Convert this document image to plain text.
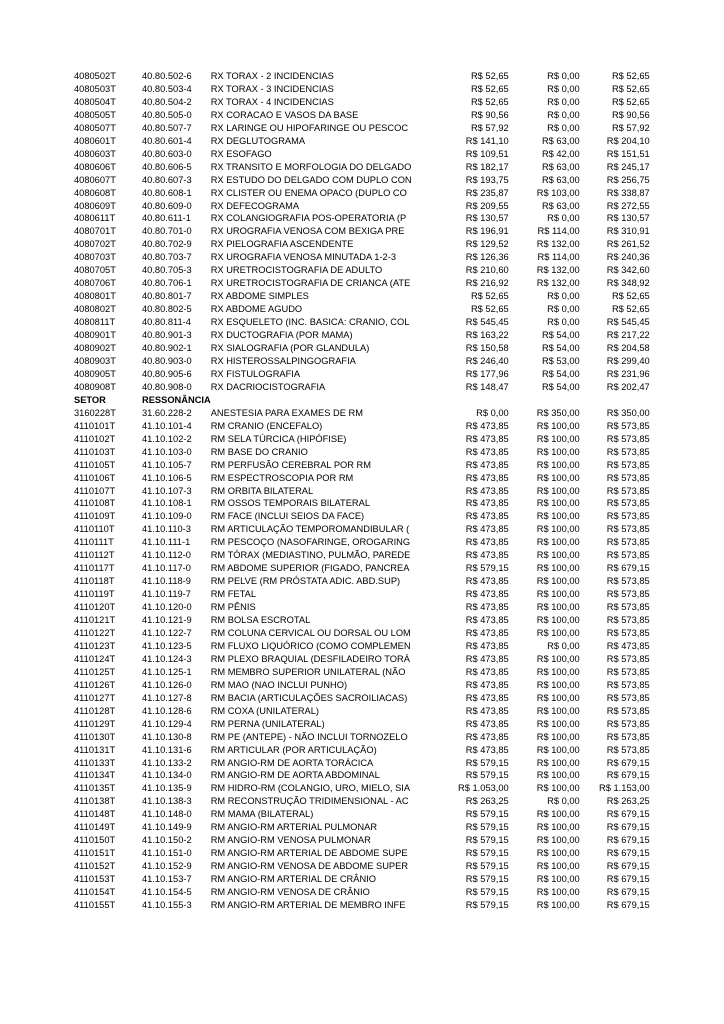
4080502T	40.80.502-6	RX TORAX - 2 INCIDENCIAS	R$ 52,65	R$ 0,00	R$ 52,65
4080503T	40.80.503-4	RX TORAX - 3 INCIDENCIAS	R$ 52,65	R$ 0,00	R$ 52,65
4080504T	40.80.504-2	RX TORAX - 4 INCIDENCIAS	R$ 52,65	R$ 0,00	R$ 52,65
4080505T	40.80.505-0	RX CORACAO E VASOS DA BASE	R$ 90,56	R$ 0,00	R$ 90,56
4080507T	40.80.507-7	RX LARINGE OU HIPOFARINGE OU PESCOC	R$ 57,92	R$ 0,00	R$ 57,92
4080601T	40.80.601-4	RX DEGLUTOGRAMA	R$ 141,10	R$ 63,00	R$ 204,10
4080603T	40.80.603-0	RX ESOFAGO	R$ 109,51	R$ 42,00	R$ 151,51
4080606T	40.80.606-5	RX TRANSITO E MORFOLOGIA DO DELGADO	R$ 182,17	R$ 63,00	R$ 245,17
4080607T	40.80.607-3	RX ESTUDO DO DELGADO COM DUPLO CON	R$ 193,75	R$ 63,00	R$ 256,75
4080608T	40.80.608-1	RX CLISTER OU ENEMA OPACO (DUPLO CO	R$ 235,87	R$ 103,00	R$ 338,87
4080609T	40.80.609-0	RX DEFECOGRAMA	R$ 209,55	R$ 63,00	R$ 272,55
4080611T	40.80.611-1	RX COLANGIOGRAFIA POS-OPERATORIA (P	R$ 130,57	R$ 0,00	R$ 130,57
4080701T	40.80.701-0	RX UROGRAFIA VENOSA COM BEXIGA PRE	R$ 196,91	R$ 114,00	R$ 310,91
4080702T	40.80.702-9	RX PIELOGRAFIA ASCENDENTE	R$ 129,52	R$ 132,00	R$ 261,52
4080703T	40.80.703-7	RX UROGRAFIA VENOSA MINUTADA 1-2-3	R$ 126,36	R$ 114,00	R$ 240,36
4080705T	40.80.705-3	RX URETROCISTOGRAFIA DE ADULTO	R$ 210,60	R$ 132,00	R$ 342,60
4080706T	40.80.706-1	RX URETROCISTOGRAFIA DE CRIANCA (ATE	R$ 216,92	R$ 132,00	R$ 348,92
4080801T	40.80.801-7	RX ABDOME SIMPLES	R$ 52,65	R$ 0,00	R$ 52,65
4080802T	40.80.802-5	RX ABDOME AGUDO	R$ 52,65	R$ 0,00	R$ 52,65
4080811T	40.80.811-4	RX ESQUELETO (INC. BASICA: CRANIO, COL	R$ 545,45	R$ 0,00	R$ 545,45
4080901T	40.80.901-3	RX DUCTOGRAFIA (POR MAMA)	R$ 163,22	R$ 54,00	R$ 217,22
4080902T	40.80.902-1	RX SIALOGRAFIA (POR GLANDULA)	R$ 150,58	R$ 54,00	R$ 204,58
4080903T	40.80.903-0	RX HISTEROSSALPINGOGRAFIA	R$ 246,40	R$ 53,00	R$ 299,40
4080905T	40.80.905-6	RX FISTULOGRAFIA	R$ 177,96	R$ 54,00	R$ 231,96
4080908T	40.80.908-0	RX DACRIOCISTOGRAFIA	R$ 148,47	R$ 54,00	R$ 202,47
SETOR	RESSONÂNCIA				
3160228T	31.60.228-2	ANESTESIA PARA EXAMES DE RM	R$ 0,00	R$ 350,00	R$ 350,00
4110101T	41.10.101-4	RM CRANIO (ENCEFALO)	R$ 473,85	R$ 100,00	R$ 573,85
4110102T	41.10.102-2	RM SELA TÚRCICA (HIPÓFISE)	R$ 473,85	R$ 100,00	R$ 573,85
4110103T	41.10.103-0	RM BASE DO CRANIO	R$ 473,85	R$ 100,00	R$ 573,85
4110105T	41.10.105-7	RM PERFUSÃO CEREBRAL POR RM	R$ 473,85	R$ 100,00	R$ 573,85
4110106T	41.10.106-5	RM ESPECTROSCOPIA POR RM	R$ 473,85	R$ 100,00	R$ 573,85
4110107T	41.10.107-3	RM ORBITA BILATERAL	R$ 473,85	R$ 100,00	R$ 573,85
4110108T	41.10.108-1	RM OSSOS TEMPORAIS BILATERAL	R$ 473,85	R$ 100,00	R$ 573,85
4110109T	41.10.109-0	RM FACE (INCLUI SEIOS DA FACE)	R$ 473,85	R$ 100,00	R$ 573,85
4110110T	41.10.110-3	RM ARTICULAÇÃO TEMPOROMANDIBULAR (	R$ 473,85	R$ 100,00	R$ 573,85
4110111T	41.10.111-1	RM PESCOÇO (NASOFARINGE, OROGARING	R$ 473,85	R$ 100,00	R$ 573,85
4110112T	41.10.112-0	RM TÓRAX (MEDIASTINO, PULMÃO, PAREDE	R$ 473,85	R$ 100,00	R$ 573,85
4110117T	41.10.117-0	RM ABDOME SUPERIOR (FIGADO, PANCREA	R$ 579,15	R$ 100,00	R$ 679,15
4110118T	41.10.118-9	RM PELVE (RM PRÓSTATA ADIC. ABD.SUP)	R$ 473,85	R$ 100,00	R$ 573,85
4110119T	41.10.119-7	RM FETAL	R$ 473,85	R$ 100,00	R$ 573,85
4110120T	41.10.120-0	RM PÊNIS	R$ 473,85	R$ 100,00	R$ 573,85
4110121T	41.10.121-9	RM BOLSA ESCROTAL	R$ 473,85	R$ 100,00	R$ 573,85
4110122T	41.10.122-7	RM COLUNA CERVICAL OU DORSAL OU LOM	R$ 473,85	R$ 100,00	R$ 573,85
4110123T	41.10.123-5	RM FLUXO LIQUÓRICO (COMO COMPLEMEN	R$ 473,85	R$ 0,00	R$ 473,85
4110124T	41.10.124-3	RM PLEXO BRAQUIAL (DESFILADEIRO TORÁ	R$ 473,85	R$ 100,00	R$ 573,85
4110125T	41.10.125-1	RM MEMBRO SUPERIOR UNILATERAL (NÃO	R$ 473,85	R$ 100,00	R$ 573,85
4110126T	41.10.126-0	RM MAO (NAO INCLUI PUNHO)	R$ 473,85	R$ 100,00	R$ 573,85
4110127T	41.10.127-8	RM BACIA (ARTICULAÇÕES SACROILIACAS)	R$ 473,85	R$ 100,00	R$ 573,85
4110128T	41.10.128-6	RM COXA (UNILATERAL)	R$ 473,85	R$ 100,00	R$ 573,85
4110129T	41.10.129-4	RM PERNA (UNILATERAL)	R$ 473,85	R$ 100,00	R$ 573,85
4110130T	41.10.130-8	RM PE (ANTEPE) - NÃO INCLUI TORNOZELO	R$ 473,85	R$ 100,00	R$ 573,85
4110131T	41.10.131-6	RM ARTICULAR (POR ARTICULAÇÃO)	R$ 473,85	R$ 100,00	R$ 573,85
4110133T	41.10.133-2	RM ANGIO-RM DE AORTA TORÁCICA	R$ 579,15	R$ 100,00	R$ 679,15
4110134T	41.10.134-0	RM ANGIO-RM DE AORTA ABDOMINAL	R$ 579,15	R$ 100,00	R$ 679,15
4110135T	41.10.135-9	RM HIDRO-RM (COLANGIO, URO, MIELO, SIA	R$ 1.053,00	R$ 100,00	R$ 1.153,00
4110138T	41.10.138-3	RM RECONSTRUÇÃO TRIDIMENSIONAL - AC	R$ 263,25	R$ 0,00	R$ 263,25
4110148T	41.10.148-0	RM MAMA (BILATERAL)	R$ 579,15	R$ 100,00	R$ 679,15
4110149T	41.10.149-9	RM ANGIO-RM ARTERIAL PULMONAR	R$ 579,15	R$ 100,00	R$ 679,15
4110150T	41.10.150-2	RM ANGIO-RM VENOSA PULMONAR	R$ 579,15	R$ 100,00	R$ 679,15
4110151T	41.10.151-0	RM ANGIO-RM ARTERIAL DE ABDOME SUPE	R$ 579,15	R$ 100,00	R$ 679,15
4110152T	41.10.152-9	RM ANGIO-RM VENOSA DE ABDOME SUPER	R$ 579,15	R$ 100,00	R$ 679,15
4110153T	41.10.153-7	RM ANGIO-RM ARTERIAL DE CRÂNIO	R$ 579,15	R$ 100,00	R$ 679,15
4110154T	41.10.154-5	RM ANGIO-RM VENOSA DE CRÂNIO	R$ 579,15	R$ 100,00	R$ 679,15
4110155T	41.10.155-3	RM ANGIO-RM ARTERIAL DE MEMBRO INFE	R$ 579,15	R$ 100,00	R$ 679,15
